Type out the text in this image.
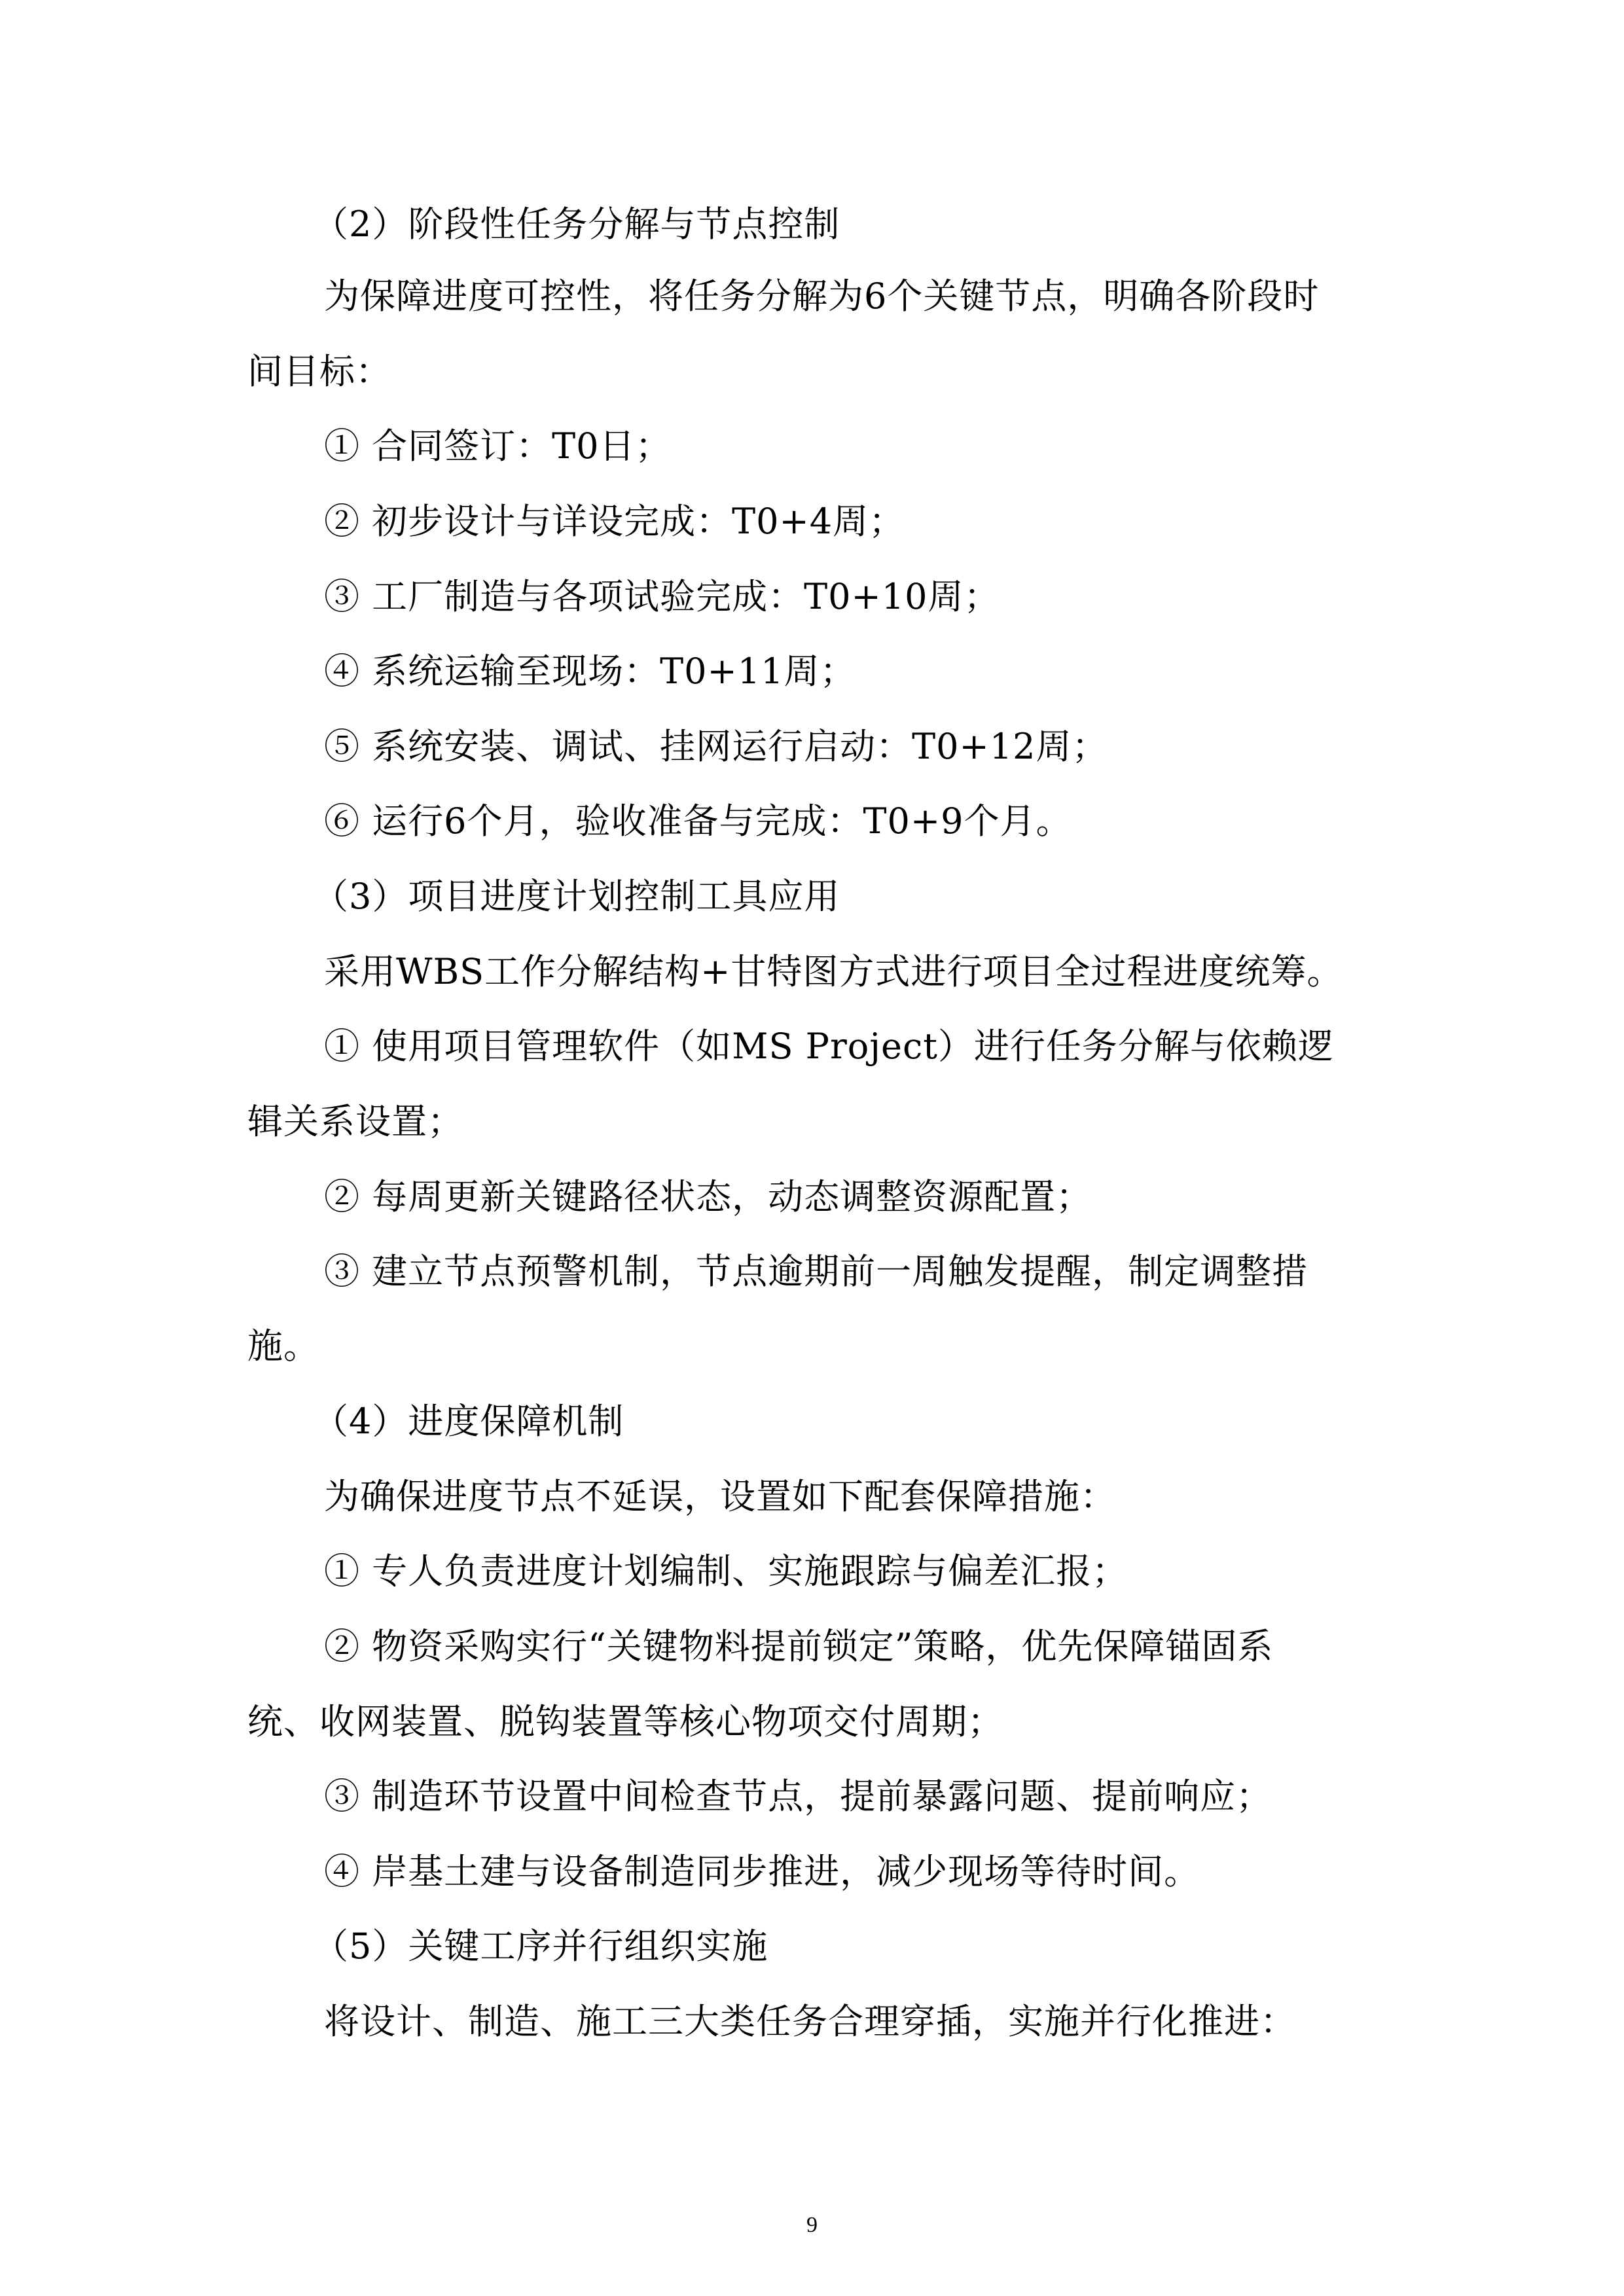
（2）阶段性任务分解与节点控制
为保障进度可控性，将任务分解为6个关键节点，明确各阶段时
间目标：
① 合同签订：T0日；
② 初步设计与详设完成：T0+4周；
③ 工厂制造与各项试验完成：T0+10周；
④ 系统运输至现场：T0+11周；
⑤ 系统安装、调试、挂网运行启动：T0+12周；
⑥ 运行6个月，验收准备与完成：T0+9个月。
（3）项目进度计划控制工具应用
采用WBS工作分解结构+甘特图方式进行项目全过程进度统筹。
① 使用项目管理软件（如MS Project）进行任务分解与依赖逻
辑关系设置；
② 每周更新关键路径状态，动态调整资源配置；
③ 建立节点预警机制，节点逾期前一周触发提醒，制定调整措
施。
（4）进度保障机制
为确保进度节点不延误，设置如下配套保障措施：
① 专人负责进度计划编制、实施跟踪与偏差汇报；
② 物资采购实行“关键物料提前锁定”策略，优先保障锚固系
统、收网装置、脱钩装置等核心物项交付周期；
③ 制造环节设置中间检查节点，提前暴露问题、提前响应；
④ 岸基土建与设备制造同步推进，减少现场等待时间。
（5）关键工序并行组织实施
将设计、制造、施工三大类任务合理穿插，实施并行化推进：
9
